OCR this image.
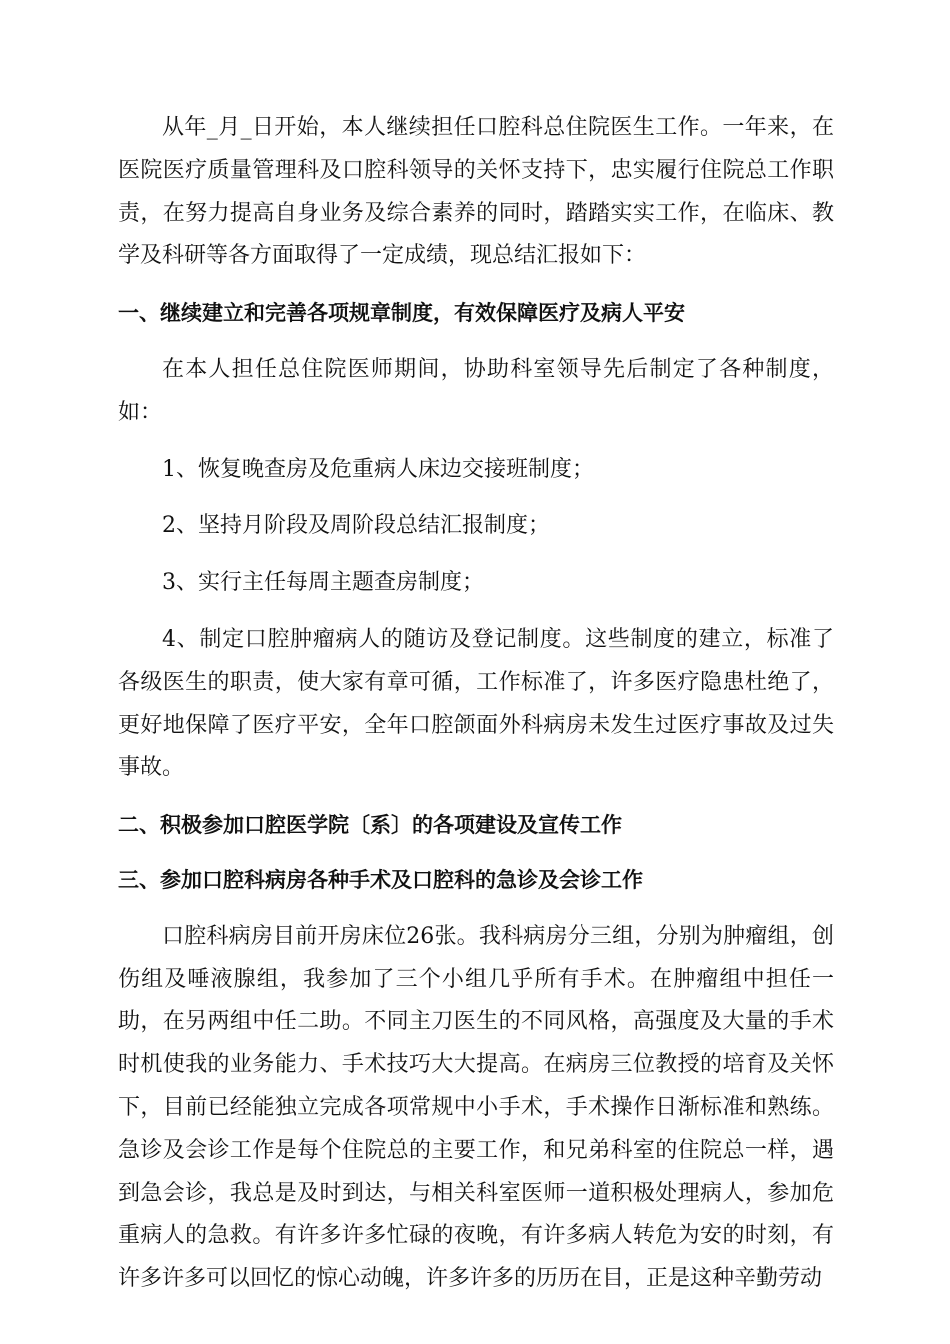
从年_月_日开始，本人继续担任口腔科总住院医生工作。一年来，在医院医疗质量管理科及口腔科领导的关怀支持下，忠实履行住院总工作职责，在努力提高自身业务及综合素养的同时，踏踏实实工作，在临床、教学及科研等各方面取得了一定成绩，现总结汇报如下：

一、继续建立和完善各项规章制度，有效保障医疗及病人平安

在本人担任总住院医师期间，协助科室领导先后制定了各种制度，如：

1、恢复晚查房及危重病人床边交接班制度；

2、坚持月阶段及周阶段总结汇报制度；

3、实行主任每周主题查房制度；

4、制定口腔肿瘤病人的随访及登记制度。这些制度的建立，标准了各级医生的职责，使大家有章可循，工作标准了，许多医疗隐患杜绝了，更好地保障了医疗平安，全年口腔颌面外科病房未发生过医疗事故及过失事故。

二、积极参加口腔医学院〔系〕的各项建设及宣传工作

三、参加口腔科病房各种手术及口腔科的急诊及会诊工作

口腔科病房目前开房床位26张。我科病房分三组，分别为肿瘤组，创伤组及唾液腺组，我参加了三个小组几乎所有手术。在肿瘤组中担任一助，在另两组中任二助。不同主刀医生的不同风格，高强度及大量的手术时机使我的业务能力、手术技巧大大提高。在病房三位教授的培育及关怀下，目前已经能独立完成各项常规中小手术，手术操作日渐标准和熟练。急诊及会诊工作是每个住院总的主要工作，和兄弟科室的住院总一样，遇到急会诊，我总是及时到达，与相关科室医师一道积极处理病人，参加危重病人的急救。有许多许多忙碌的夜晚，有许多病人转危为安的时刻，有许多许多可以回忆的惊心动魄，许多许多的历历在目，正是这种辛勤劳动
